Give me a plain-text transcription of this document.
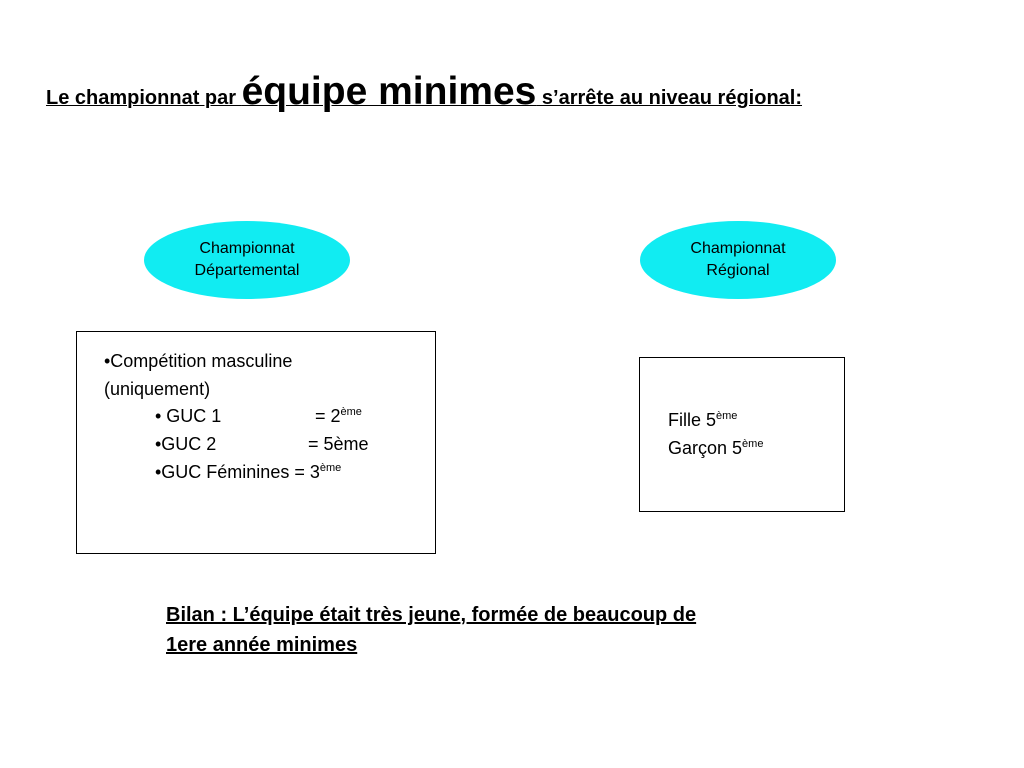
Le championnat par équipe minimes s’arrête au niveau régional:
Championnat
Départemental
Championnat
Régional
•Compétition masculine
(uniquement)
• GUC 1	= 2ème
•GUC 2	= 5ème
•GUC Féminines = 3ème
Fille 5ème
Garçon 5ème
Bilan : L’équipe était très jeune, formée de beaucoup de
1ere année minimes
